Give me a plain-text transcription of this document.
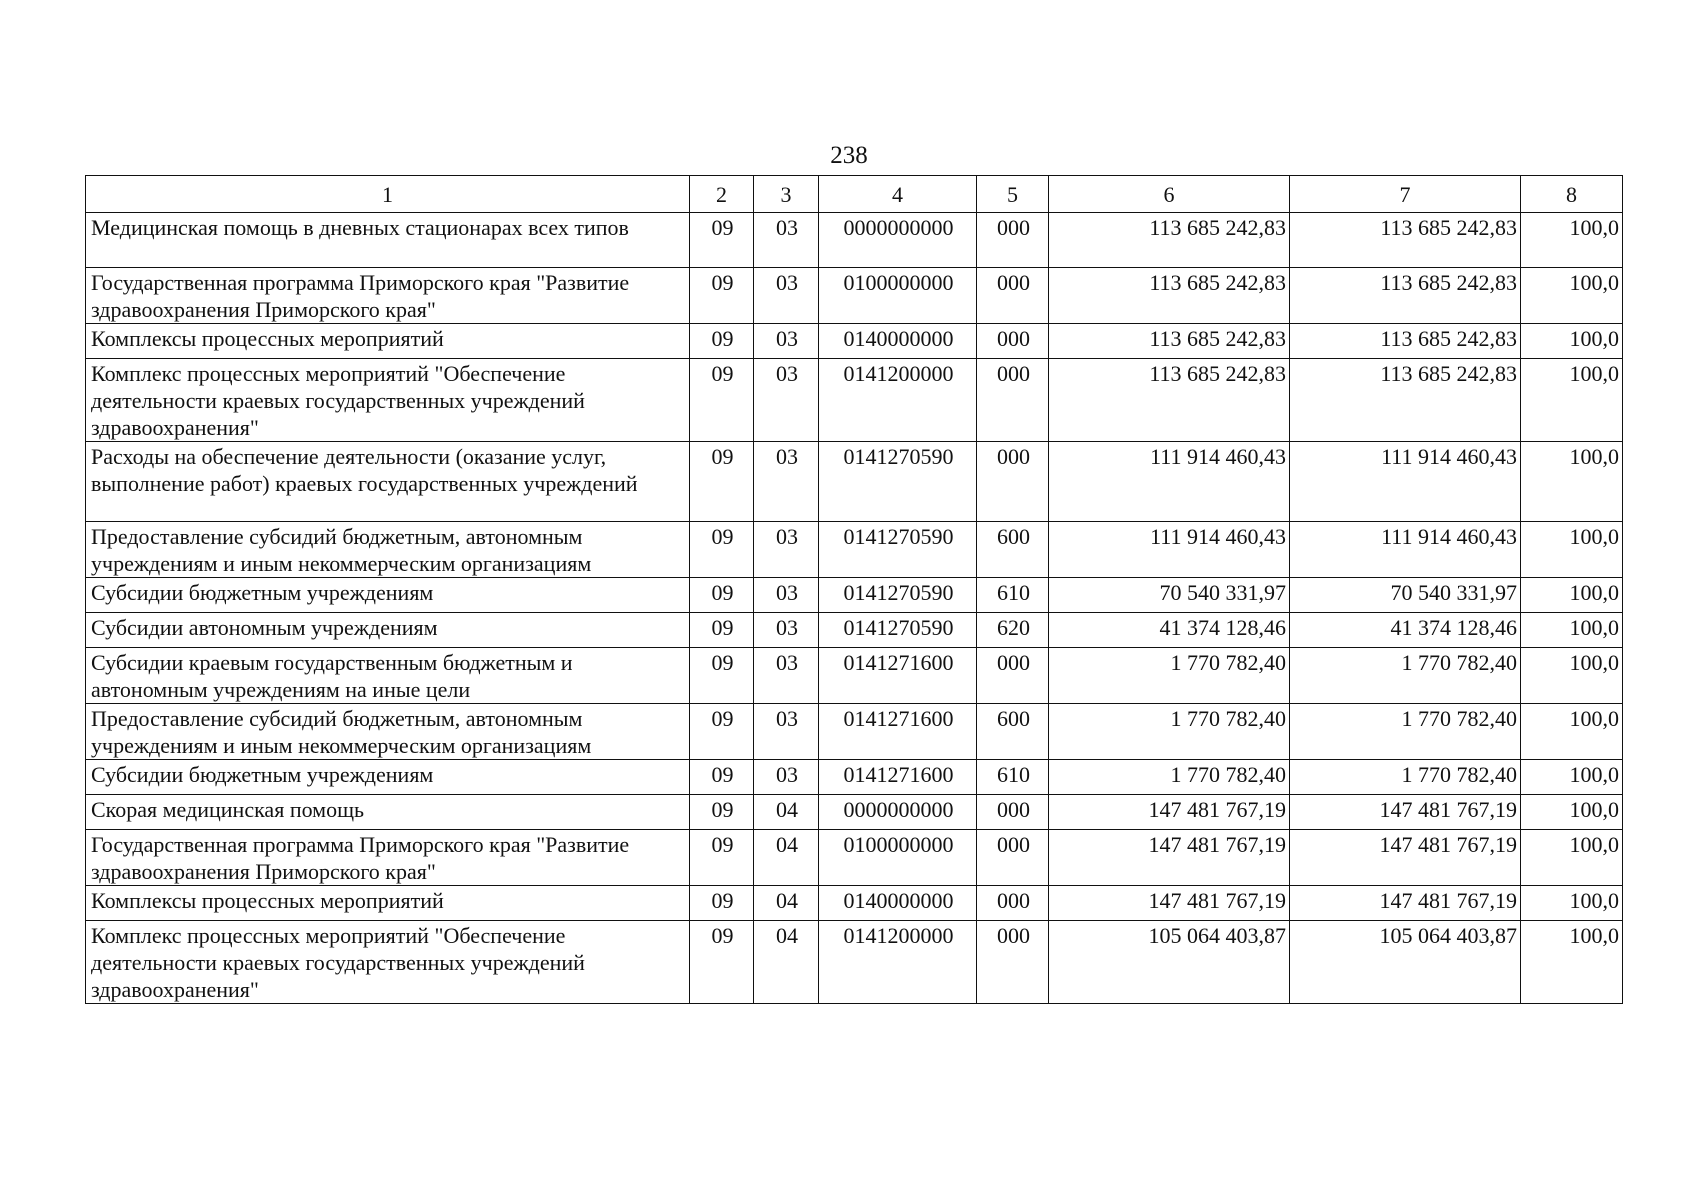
238
1	2	3	4	5	6	7	8
Медицинская помощь в дневных стационарах всех типов	09	03	0000000000	000	113 685 242,83	113 685 242,83	100,0
Государственная программа Приморского края "Развитие здравоохранения Приморского края"	09	03	0100000000	000	113 685 242,83	113 685 242,83	100,0
Комплексы процессных мероприятий	09	03	0140000000	000	113 685 242,83	113 685 242,83	100,0
Комплекс процессных мероприятий "Обеспечение деятельности краевых государственных учреждений здравоохранения"	09	03	0141200000	000	113 685 242,83	113 685 242,83	100,0
Расходы на обеспечение деятельности (оказание услуг, выполнение работ) краевых государственных учреждений	09	03	0141270590	000	111 914 460,43	111 914 460,43	100,0
Предоставление субсидий бюджетным, автономным учреждениям и иным некоммерческим организациям	09	03	0141270590	600	111 914 460,43	111 914 460,43	100,0
Субсидии бюджетным учреждениям	09	03	0141270590	610	70 540 331,97	70 540 331,97	100,0
Субсидии автономным учреждениям	09	03	0141270590	620	41 374 128,46	41 374 128,46	100,0
Субсидии краевым государственным бюджетным и автономным учреждениям на иные цели	09	03	0141271600	000	1 770 782,40	1 770 782,40	100,0
Предоставление субсидий бюджетным, автономным учреждениям и иным некоммерческим организациям	09	03	0141271600	600	1 770 782,40	1 770 782,40	100,0
Субсидии бюджетным учреждениям	09	03	0141271600	610	1 770 782,40	1 770 782,40	100,0
Скорая медицинская помощь	09	04	0000000000	000	147 481 767,19	147 481 767,19	100,0
Государственная программа Приморского края "Развитие здравоохранения Приморского края"	09	04	0100000000	000	147 481 767,19	147 481 767,19	100,0
Комплексы процессных мероприятий	09	04	0140000000	000	147 481 767,19	147 481 767,19	100,0
Комплекс процессных мероприятий "Обеспечение деятельности краевых государственных учреждений здравоохранения"	09	04	0141200000	000	105 064 403,87	105 064 403,87	100,0
